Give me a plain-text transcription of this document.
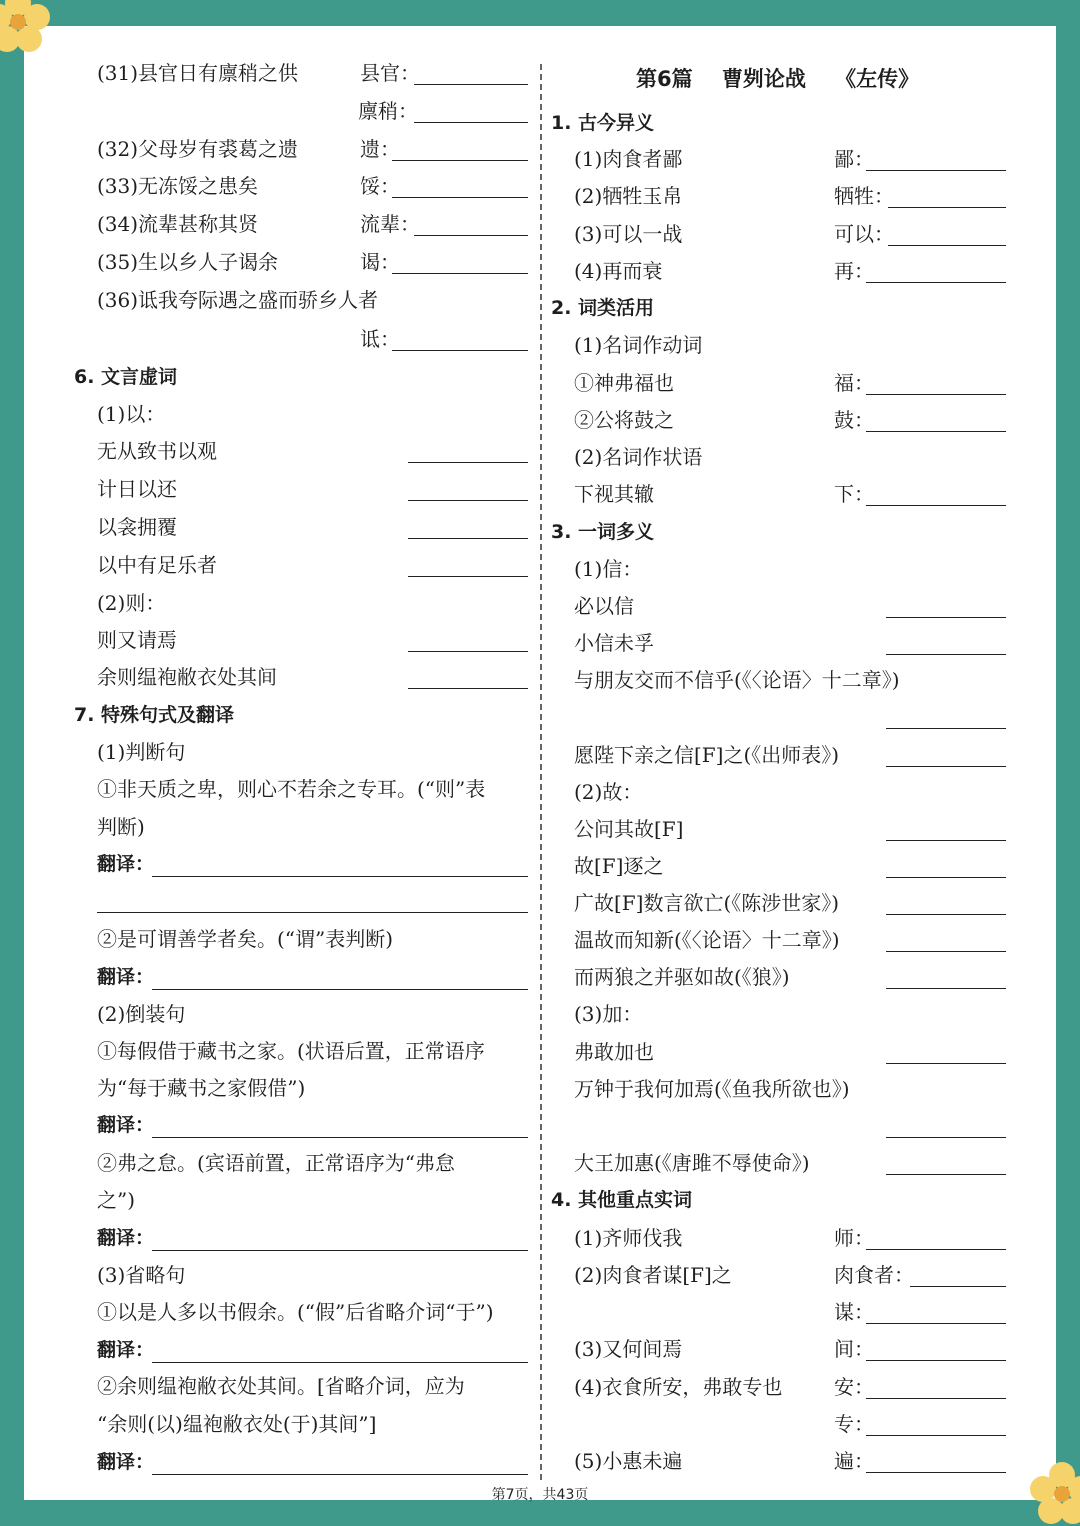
(31)县官日有廪稍之供	县官：
廪稍：
(32)父母岁有裘葛之遗	遗：
(33)无冻馁之患矣	馁：
(34)流辈甚称其贤	流辈：
(35)生以乡人子谒余	谒：
(36)诋我夸际遇之盛而骄乡人者
诋：
6. 文言虚词
(1)以：
无从致书以观
计日以还
以衾拥覆
以中有足乐者
(2)则：
则又请焉
余则缊袍敝衣处其间
7. 特殊句式及翻译
(1)判断句
①非天质之卑，则心不若余之专耳。(“则”表
判断)
翻译：
②是可谓善学者矣。(“谓”表判断)
翻译：
(2)倒装句
①每假借于藏书之家。(状语后置，正常语序
为“每于藏书之家假借”)
翻译：
②弗之怠。(宾语前置，正常语序为“弗怠
之”)
翻译：
(3)省略句
①以是人多以书假余。(“假”后省略介词“于”)
翻译：
②余则缊袍敝衣处其间。[省略介词，应为
“余则(以)缊袍敝衣处(于)其间”]
翻译：
第6篇    曹刿论战    《左传》
1. 古今异义
(1)肉食者鄙	鄙：
(2)牺牲玉帛	牺牲：
(3)可以一战	可以：
(4)再而衰	再：
2. 词类活用
(1)名词作动词
①神弗福也	福：
②公将鼓之	鼓：
(2)名词作状语
下视其辙	下：
3. 一词多义
(1)信：
必以信
小信未孚
与朋友交而不信乎(《〈论语〉十二章》)
愿陛下亲之信[F]之(《出师表》)
(2)故：
公问其故[F]
故[F]逐之
广故[F]数言欲亡(《陈涉世家》)
温故而知新(《〈论语〉十二章》)
而两狼之并驱如故(《狼》)
(3)加：
弗敢加也
万钟于我何加焉(《鱼我所欲也》)
大王加惠(《唐雎不辱使命》)
4. 其他重点实词
(1)齐师伐我	师：
(2)肉食者谋[F]之	肉食者：
谋：
(3)又何间焉	间：
(4)衣食所安，弗敢专也	安：
专：
(5)小惠未遍	遍：
第7页，共43页
